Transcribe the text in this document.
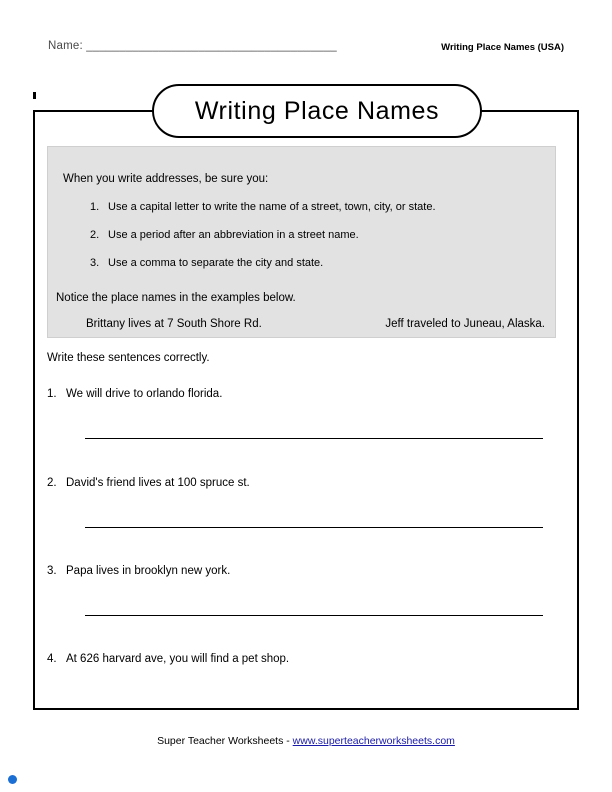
Name: ______________________________________	Writing Place Names (USA)
Writing Place Names
When you write addresses, be sure you:
1. Use a capital letter to write the name of a street, town, city, or state.
2. Use a period after an abbreviation in a street name.
3. Use a comma to separate the city and state.
Notice the place names in the examples below.
Brittany lives at 7 South Shore Rd.	Jeff traveled to Juneau, Alaska.
Write these sentences correctly.
1. We will drive to orlando florida.
2. David's friend lives at 100 spruce st.
3. Papa lives in brooklyn new york.
4. At 626 harvard ave, you will find a pet shop.
Super Teacher Worksheets - www.superteacherworksheets.com
